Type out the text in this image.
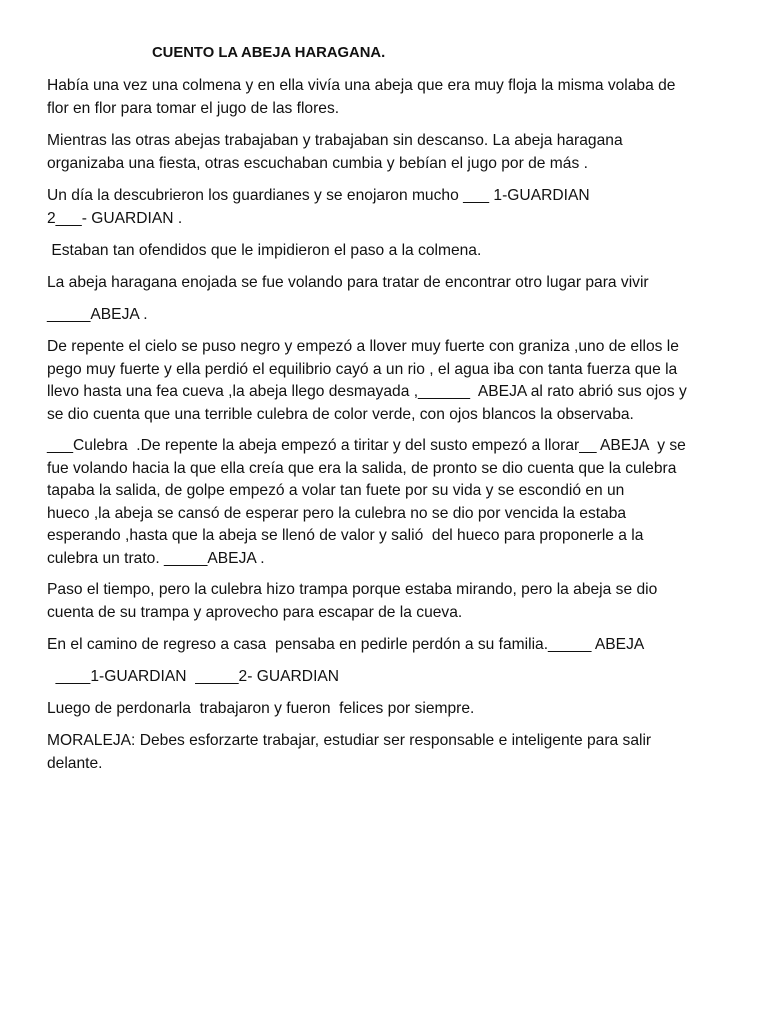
CUENTO LA ABEJA HARAGANA.
Había una vez una colmena y en ella vivía una abeja que era muy floja la misma volaba de
flor en flor para tomar el jugo de las flores.
Mientras las otras abejas trabajaban y trabajaban sin descanso. La abeja haragana
organizaba una fiesta, otras escuchaban cumbia y bebían el jugo por de más .
Un día la descubrieron los guardianes y se enojaron mucho ___ 1-GUARDIAN
2___- GUARDIAN .
Estaban tan ofendidos que le impidieron el paso a la colmena.
La abeja haragana enojada se fue volando para tratar de encontrar otro lugar para vivir
_____ABEJA .
De repente el cielo se puso negro y empezó a llover muy fuerte con graniza ,uno de ellos le
pego muy fuerte y ella perdió el equilibrio cayó a un rio , el agua iba con tanta fuerza que la
llevo hasta una fea cueva ,la abeja llego desmayada ,______  ABEJA al rato abrió sus ojos y
se dio cuenta que una terrible culebra de color verde, con ojos blancos la observaba.
___Culebra  .De repente la abeja empezó a tiritar y del susto empezó a llorar__ ABEJA  y se
fue volando hacia la que ella creía que era la salida, de pronto se dio cuenta que la culebra
tapaba la salida, de golpe empezó a volar tan fuete por su vida y se escondió en un
hueco ,la abeja se cansó de esperar pero la culebra no se dio por vencida la estaba
esperando ,hasta que la abeja se llenó de valor y salió  del hueco para proponerle a la
culebra un trato. _____ABEJA .
Paso el tiempo, pero la culebra hizo trampa porque estaba mirando, pero la abeja se dio
cuenta de su trampa y aprovecho para escapar de la cueva.
En el camino de regreso a casa  pensaba en pedirle perdón a su familia._____ ABEJA
____1-GUARDIAN  _____2- GUARDIAN
Luego de perdonarla  trabajaron y fueron  felices por siempre.
MORALEJA: Debes esforzarte trabajar, estudiar ser responsable e inteligente para salir
delante.
